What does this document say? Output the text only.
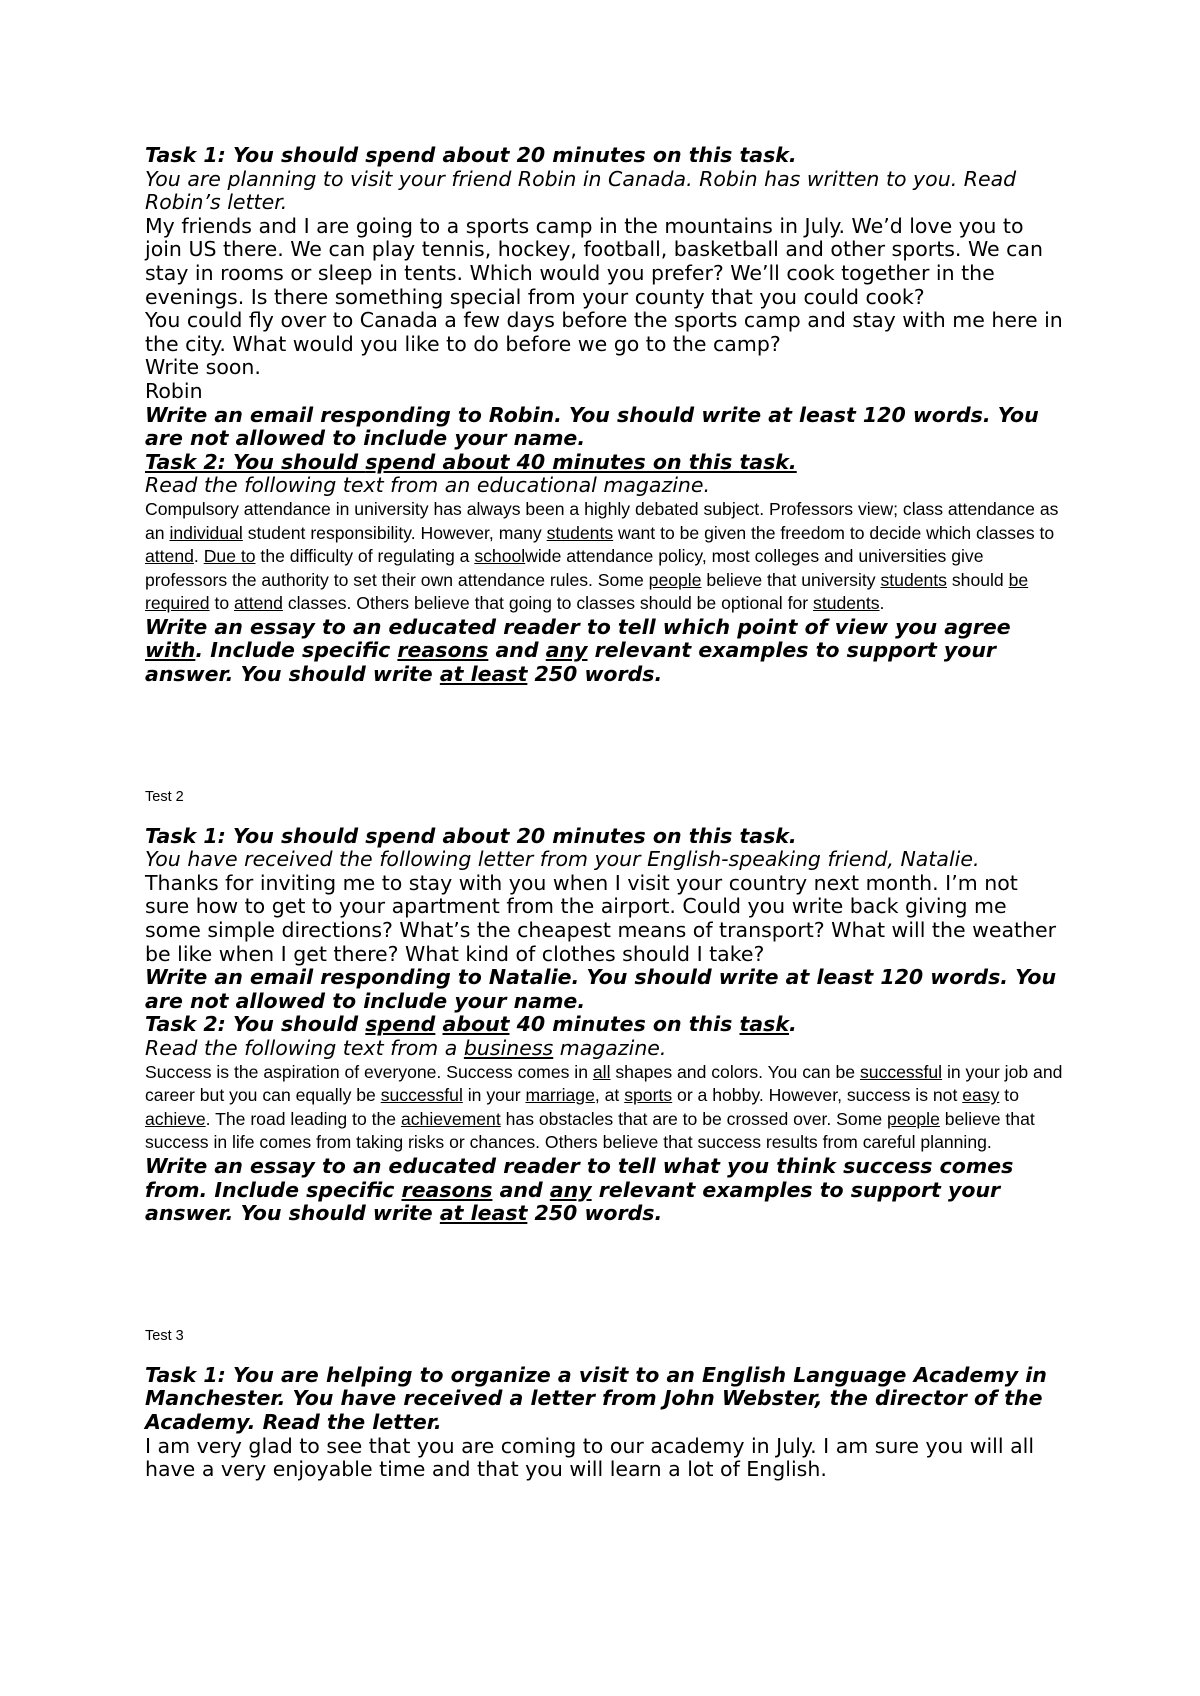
Task 1: You should spend about 20 minutes on this task.

You are planning to visit your friend Robin in Canada. Robin has written to you. Read Robin’s letter.

My friends and I are going to a sports camp in the mountains in July. We’d love you to join US there. We can play tennis, hockey, football, basketball and other sports. We can stay in rooms or sleep in tents. Which would you prefer? We’ll cook together in the evenings. Is there something special from your county that you could cook?

You could fly over to Canada a few days before the sports camp and stay with me here in the city. What would you like to do before we go to the camp?

Write soon.

Robin

Write an email responding to Robin. You should write at least 120 words. You are not allowed to include your name.

Task 2: You should spend about 40 minutes on this task.

Read the following text from an educational magazine.

Compulsory attendance in university has always been a highly debated subject. Professors view; class attendance as an individual student responsibility. However, many students want to be given the freedom to decide which classes to attend. Due to the difficulty of regulating a schoolwide attendance policy, most colleges and universities give professors the authority to set their own attendance rules. Some people believe that university students should be required to attend classes. Others believe that going to classes should be optional for students.

Write an essay to an educated reader to tell which point of view you agree with. Include specific reasons and any relevant examples to support your answer. You should write at least 250 words.

Test 2

Task 1: You should spend about 20 minutes on this task.

You have received the following letter from your English-speaking friend, Natalie.

Thanks for inviting me to stay with you when I visit your country next month. I’m not sure how to get to your apartment from the airport. Could you write back giving me some simple directions? What’s the cheapest means of transport? What will the weather be like when I get there? What kind of clothes should I take?

Write an email responding to Natalie. You should write at least 120 words. You are not allowed to include your name.

Task 2: You should spend about 40 minutes on this task.

Read the following text from a business magazine.

Success is the aspiration of everyone. Success comes in all shapes and colors. You can be successful in your job and career but you can equally be successful in your marriage, at sports or a hobby. However, success is not easy to achieve. The road leading to the achievement has obstacles that are to be crossed over. Some people believe that success in life comes from taking risks or chances. Others believe that success results from careful planning.

Write an essay to an educated reader to tell what you think success comes from. Include specific reasons and any relevant examples to support your answer. You should write at least 250 words.

Test 3

Task 1: You are helping to organize a visit to an English Language Academy in Manchester. You have received a letter from John Webster, the director of the Academy. Read the letter.

I am very glad to see that you are coming to our academy in July. I am sure you will all have a very enjoyable time and that you will learn a lot of English.
